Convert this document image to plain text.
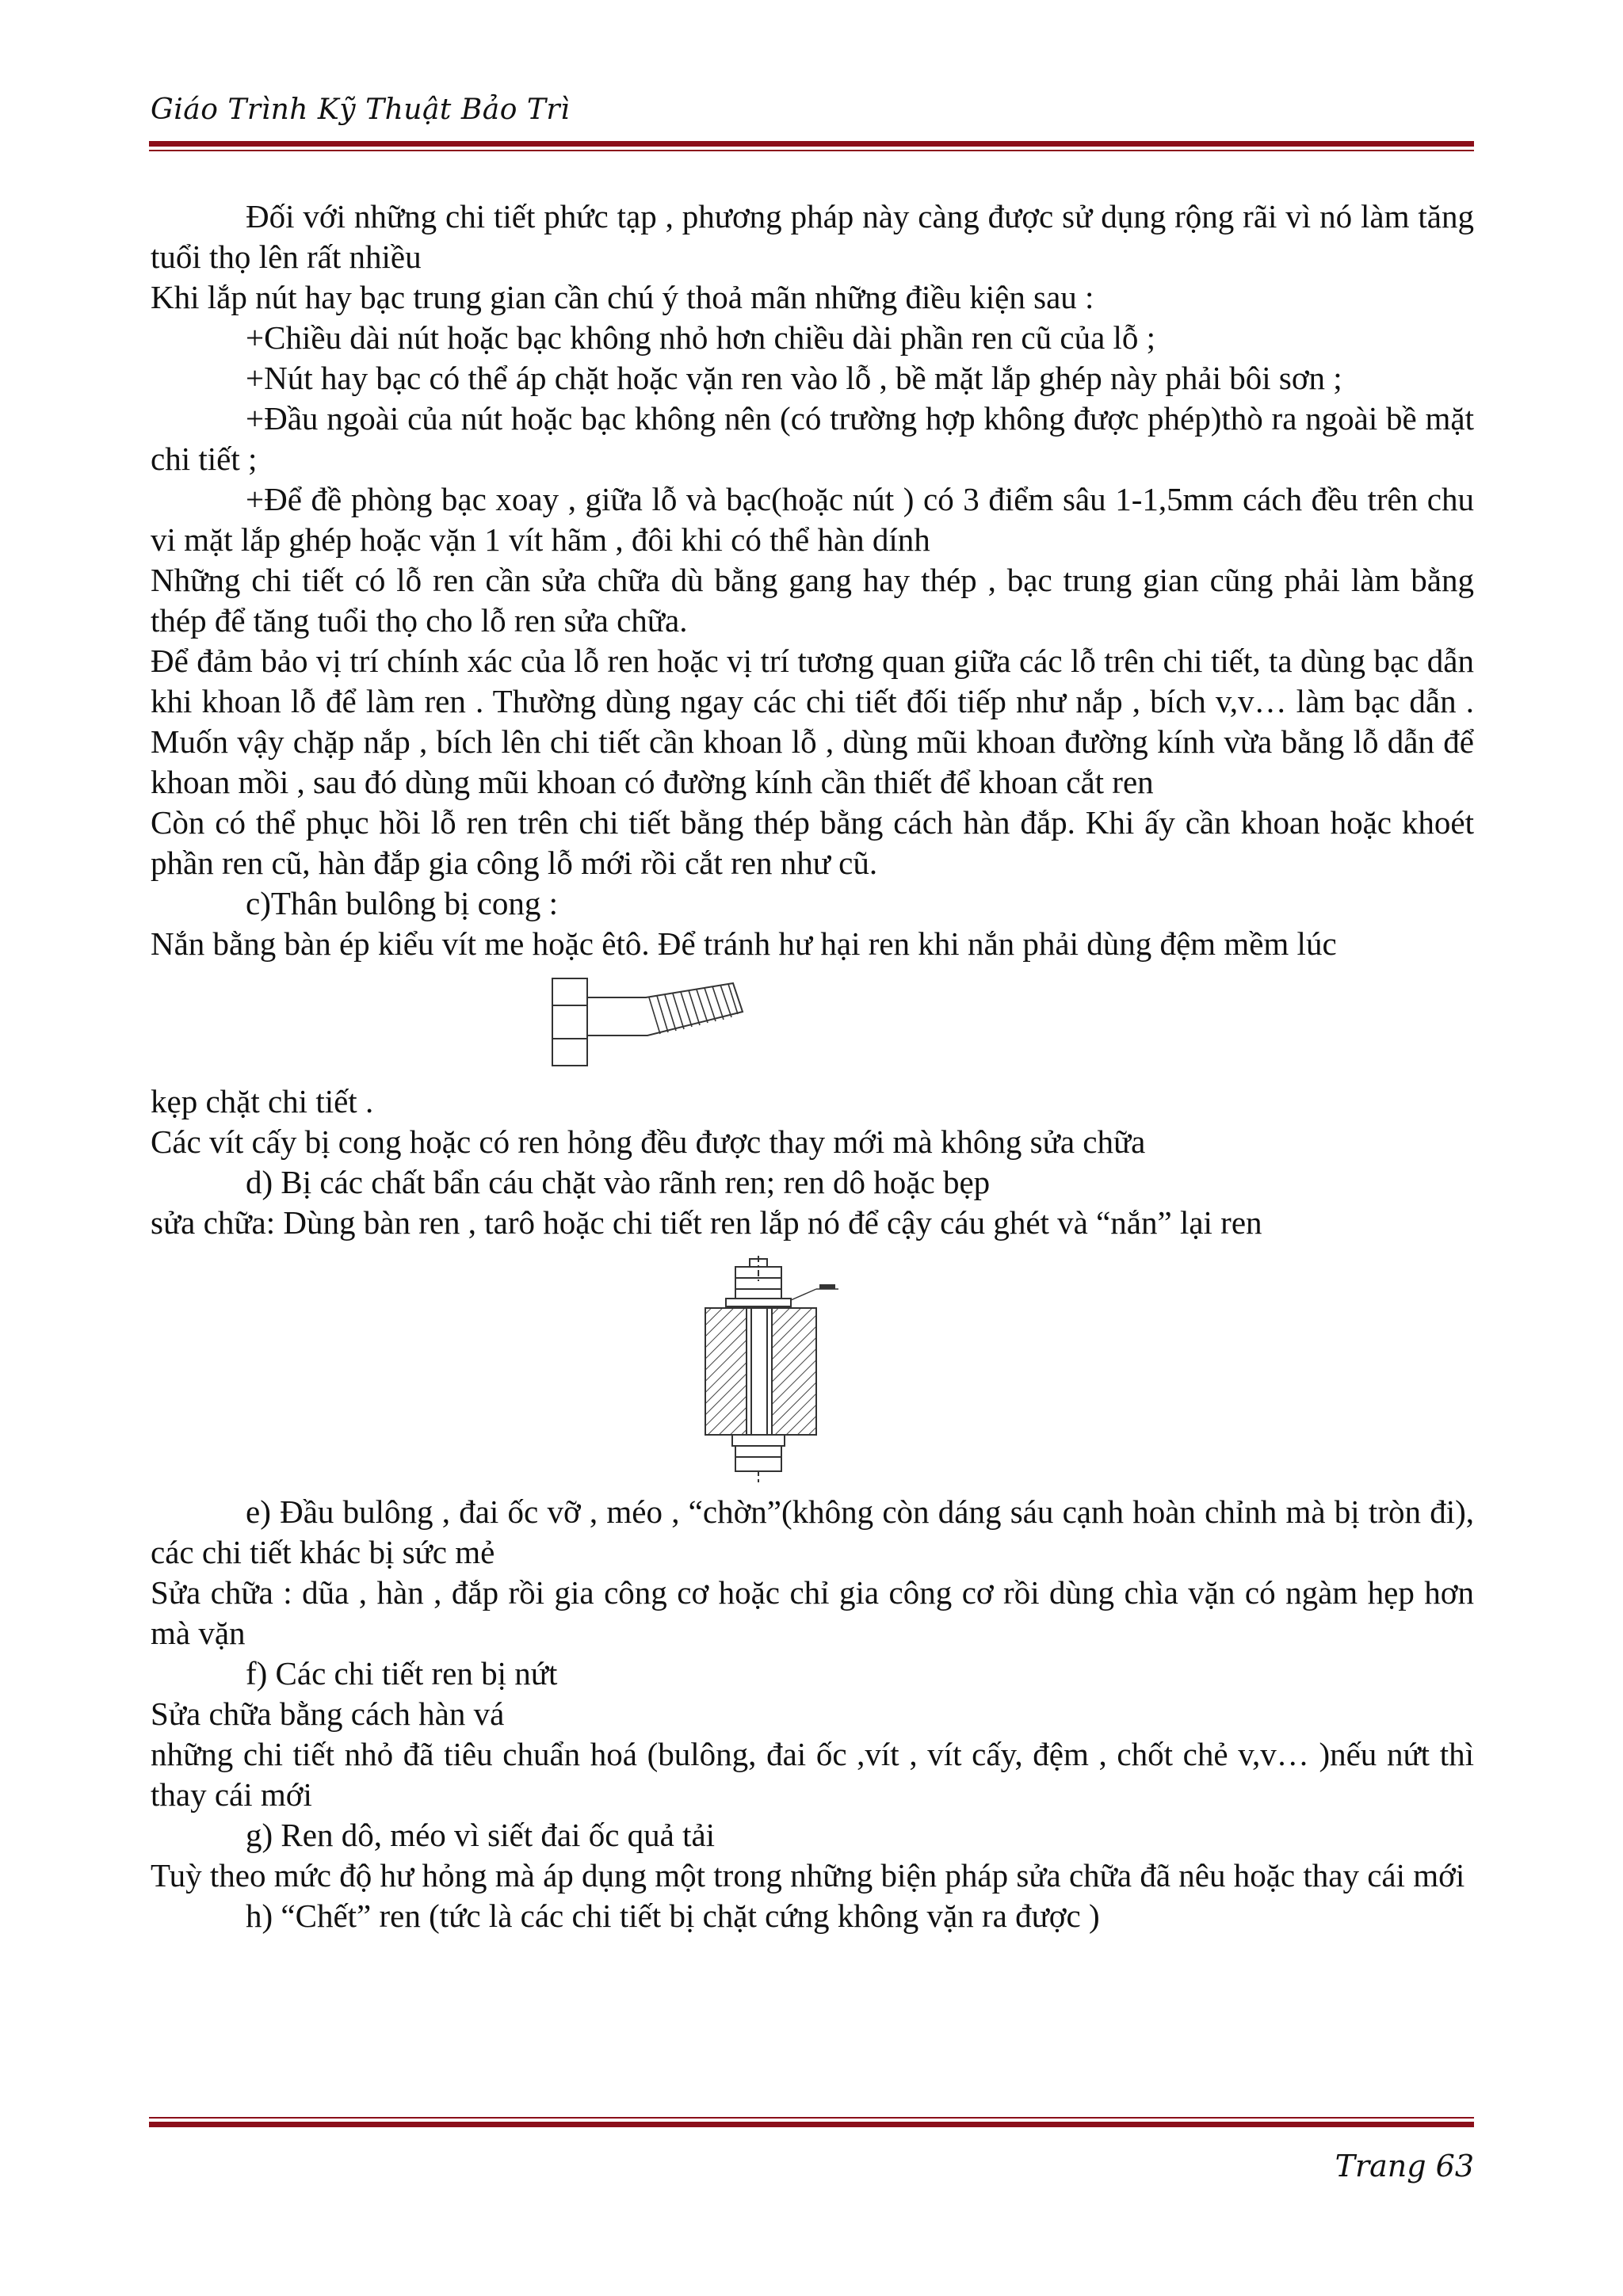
Giáo Trình Kỹ Thuật Bảo Trì

Đối với những chi tiết phức tạp , phương pháp này càng được sử dụng rộng rãi vì nó làm tăng tuổi thọ lên rất nhiều

Khi lắp nút hay bạc trung gian cần chú ý thoả mãn những điều kiện sau :

+Chiều dài nút hoặc bạc không nhỏ hơn chiều dài phần ren cũ của lỗ ;

+Nút hay bạc có thể áp chặt hoặc vặn ren vào lỗ , bề mặt lắp ghép này phải bôi sơn ;

+Đầu ngoài của nút hoặc bạc không nên (có trường hợp không được phép)thò ra ngoài bề mặt chi tiết ;

+Để đề phòng bạc xoay , giữa lỗ và bạc(hoặc nút ) có 3 điểm sâu 1-1,5mm cách đều trên chu vi mặt lắp ghép hoặc vặn 1 vít hãm , đôi khi có thể hàn dính

Những chi tiết có lỗ ren cần sửa chữa dù bằng gang hay thép , bạc trung gian cũng phải làm bằng thép để tăng tuổi thọ cho lỗ ren sửa chữa.

Để đảm bảo vị trí chính xác của lỗ ren hoặc vị trí tương quan giữa các lỗ trên chi tiết, ta dùng bạc dẫn khi khoan lỗ để làm ren . Thường dùng ngay các chi tiết đối tiếp như nắp , bích v,v… làm bạc dẫn . Muốn vậy chặp nắp , bích lên chi tiết cần khoan lỗ , dùng mũi khoan đường kính vừa bằng lỗ dẫn để khoan mồi , sau đó dùng mũi khoan có đường kính cần thiết để khoan cắt ren

Còn có thể phục hồi lỗ ren trên chi tiết bằng thép bằng cách hàn đắp. Khi ấy cần khoan hoặc khoét phần ren cũ, hàn đắp gia công lỗ mới rồi cắt ren như cũ.

c)Thân bulông bị cong :

Nắn bằng bàn ép kiểu vít me hoặc êtô. Để tránh hư hại ren khi nắn phải dùng đệm mềm lúc

kẹp chặt chi tiết .

Các vít cấy bị cong hoặc có ren hỏng đều được thay mới mà không sửa chữa

d) Bị các chất bẩn cáu chặt vào rãnh ren; ren dô hoặc bẹp

sửa chữa: Dùng bàn ren , tarô hoặc chi tiết ren lắp nó để cậy cáu ghét và “nắn” lại ren

e) Đầu bulông , đai ốc vỡ , méo , “chờn”(không còn dáng sáu cạnh hoàn chỉnh mà bị tròn đi), các chi tiết khác bị sức mẻ

Sửa chữa : dũa , hàn , đắp rồi gia công cơ hoặc chỉ gia công cơ rồi dùng chìa vặn có ngàm hẹp hơn mà vặn

f) Các chi tiết ren bị nứt

Sửa chữa bằng cách hàn vá

những chi tiết nhỏ đã tiêu chuẩn hoá (bulông, đai ốc ,vít , vít cấy, đệm , chốt chẻ v,v… )nếu nứt thì thay cái mới

g) Ren dô, méo vì siết đai ốc quả tải

Tuỳ theo mức độ hư hỏng mà áp dụng một trong những biện pháp sửa chữa đã nêu hoặc thay cái mới

h) “Chết” ren (tức là các chi tiết bị chặt cứng không vặn ra được )

Trang 63
